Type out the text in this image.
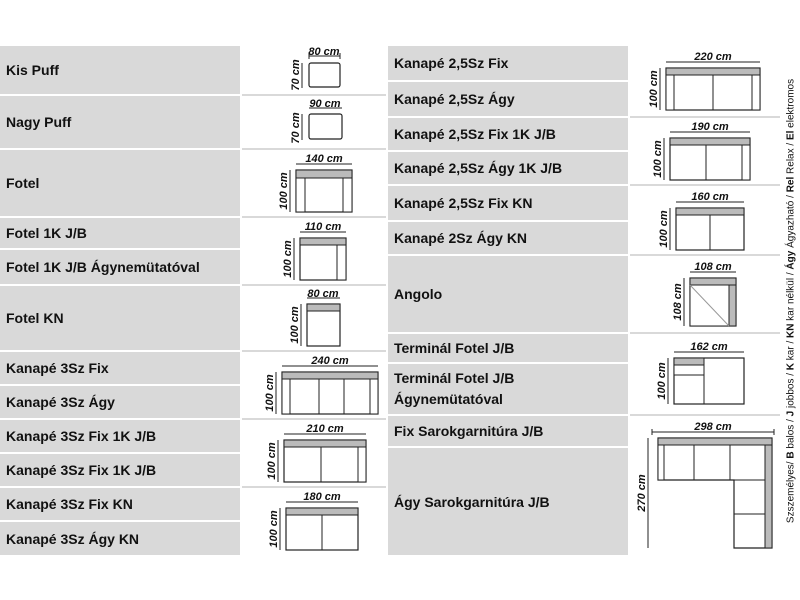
Kis Puff
Nagy Puff
Fotel
Fotel 1K J/B
Fotel 1K J/B Ágynemütatóval
Fotel KN
Kanapé 3Sz Fix
Kanapé 3Sz Ágy
Kanapé 3Sz Fix 1K J/B
Kanapé 3Sz Fix 1K J/B
Kanapé 3Sz Fix KN
Kanapé 3Sz Ágy KN
Kanapé 2,5Sz Fix
Kanapé 2,5Sz Ágy
Kanapé 2,5Sz Fix 1K J/B
Kanapé 2,5Sz Ágy 1K J/B
Kanapé 2,5Sz Fix KN
Kanapé 2Sz Ágy KN
Angolo
Terminál Fotel J/B
Terminál Fotel J/B
Ágynemütatóval
Fix Sarokgarnitúra J/B
Ágy Sarokgarnitúra J/B
80 cm
70 cm
90 cm
70 cm
140 cm
100 cm
110 cm
100 cm
80 cm
100 cm
240 cm
100 cm
210 cm
100 cm
180 cm
100 cm
220 cm
100 cm
190 cm
100 cm
160 cm
100 cm
108 cm
108 cm
162 cm
100 cm
298 cm
270 cm	Szszemélyes/ B balos / J jobbos / K kar / KN kar nélkül / Ágy Ágyazható / Rel Relax / El elektromos
